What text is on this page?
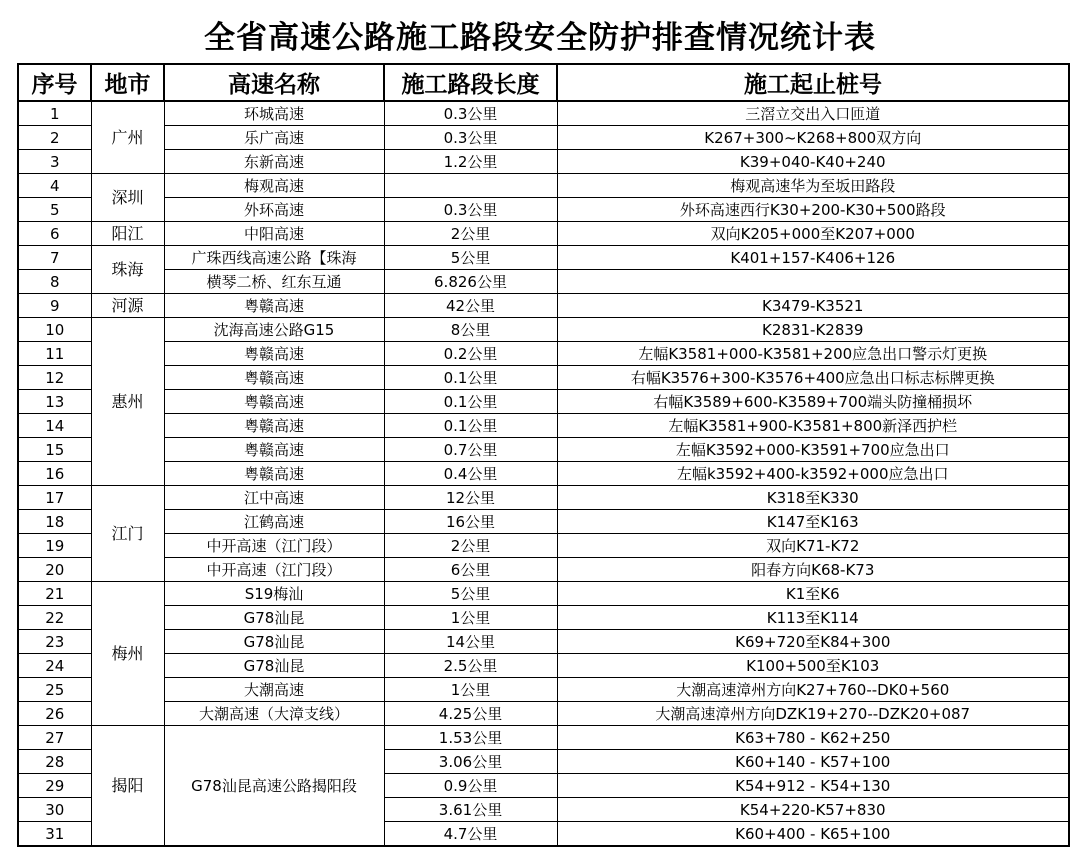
全省高速公路施工路段安全防护排查情况统计表
序号	地市	高速名称	施工路段长度	施工起止桩号
1	广州	环城高速	0.3公里	三滘立交出入口匝道
2		乐广高速	0.3公里	K267+300~K268+800双方向
3		东新高速	1.2公里	K39+040-K40+240
4	深圳	梅观高速		梅观高速华为至坂田路段
5		外环高速	0.3公里	外环高速西行K30+200-K30+500路段
6	阳江	中阳高速	2公里	双向K205+000至K207+000
7	珠海	广珠西线高速公路【珠海	5公里	K401+157-K406+126
8		横琴二桥、红东互通	6.826公里	
9	河源	粤赣高速	42公里	K3479-K3521
10	惠州	沈海高速公路G15	8公里	K2831-K2839
11		粤赣高速	0.2公里	左幅K3581+000-K3581+200应急出口警示灯更换
12		粤赣高速	0.1公里	右幅K3576+300-K3576+400应急出口标志标牌更换
13		粤赣高速	0.1公里	右幅K3589+600-K3589+700端头防撞桶损坏
14		粤赣高速	0.1公里	左幅K3581+900-K3581+800新泽西护栏
15		粤赣高速	0.7公里	左幅K3592+000-K3591+700应急出口
16		粤赣高速	0.4公里	左幅k3592+400-k3592+000应急出口
17	江门	江中高速	12公里	K318至K330
18		江鹤高速	16公里	K147至K163
19		中开高速（江门段）	2公里	双向K71-K72
20		中开高速（江门段）	6公里	阳春方向K68-K73
21	梅州	S19梅汕	5公里	K1至K6
22		G78汕昆	1公里	K113至K114
23		G78汕昆	14公里	K69+720至K84+300
24		G78汕昆	2.5公里	K100+500至K103
25		大潮高速	1公里	大潮高速漳州方向K27+760--DK0+560
26		大潮高速（大漳支线）	4.25公里	大潮高速漳州方向DZK19+270--DZK20+087
27	揭阳	G78汕昆高速公路揭阳段	1.53公里	K63+780 - K62+250
28			3.06公里	K60+140 - K57+100
29			0.9公里	K54+912 - K54+130
30			3.61公里	K54+220-K57+830
31			4.7公里	K60+400 - K65+100
